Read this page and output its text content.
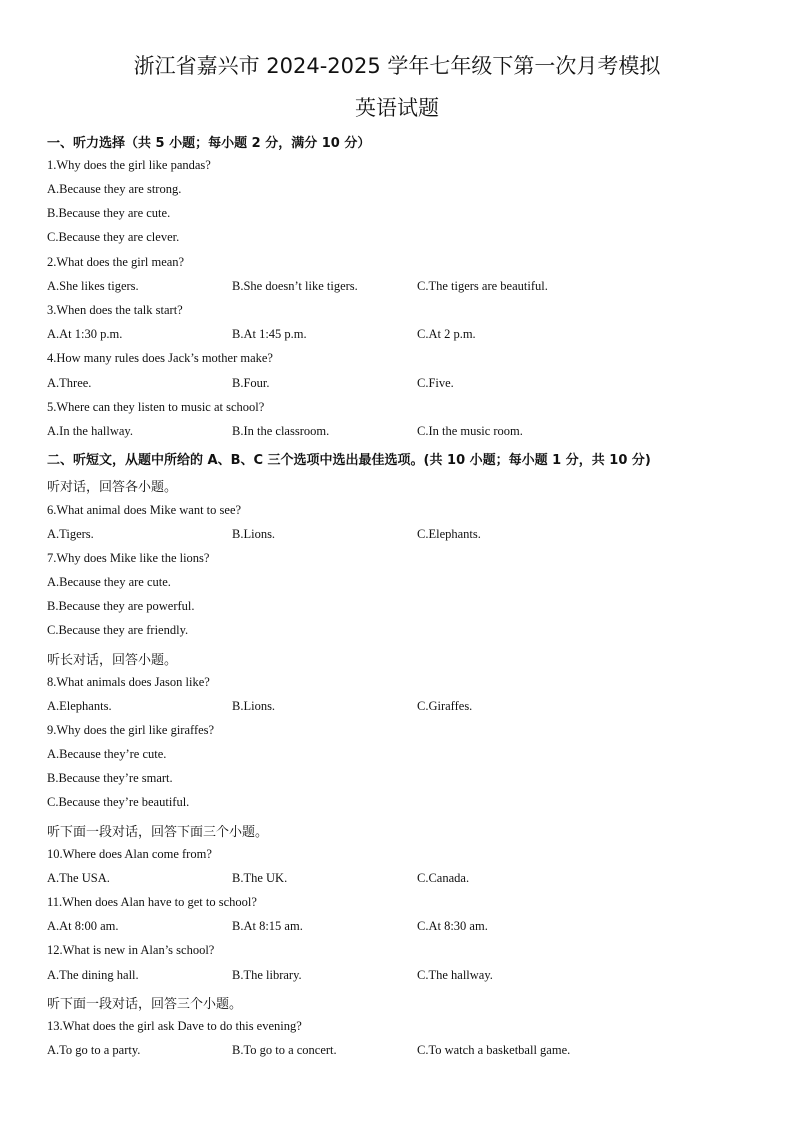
浙江省嘉兴市 2024-2025 学年七年级下第一次月考模拟
英语试题
一、听力选择（共 5 小题；每小题 2 分，满分 10 分）
1.Why does the girl like pandas?
A.Because they are strong.
B.Because they are cute.
C.Because they are clever.
2.What does the girl mean?
A.She likes tigers.	B.She doesn’t like tigers.	C.The tigers are beautiful.
3.When does the talk start?
A.At 1:30 p.m.	B.At 1:45 p.m.	C.At 2 p.m.
4.How many rules does Jack’s mother make?
A.Three.	B.Four.	C.Five.
5.Where can they listen to music at school?
A.In the hallway.	B.In the classroom.	C.In the music room.
二、听短文，从题中所给的 A、B、C 三个选项中选出最佳选项。(共 10 小题；每小题 1 分，共 10 分)
听对话，回答各小题。
6.What animal does Mike want to see?
A.Tigers.	B.Lions.	C.Elephants.
7.Why does Mike like the lions?
A.Because they are cute.
B.Because they are powerful.
C.Because they are friendly.
听长对话，回答小题。
8.What animals does Jason like?
A.Elephants.	B.Lions.	C.Giraffes.
9.Why does the girl like giraffes?
A.Because they’re cute.
B.Because they’re smart.
C.Because they’re beautiful.
听下面一段对话，回答下面三个小题。
10.Where does Alan come from?
A.The USA.	B.The UK.	C.Canada.
11.When does Alan have to get to school?
A.At 8:00 am.	B.At 8:15 am.	C.At 8:30 am.
12.What is new in Alan’s school?
A.The dining hall.	B.The library.	C.The hallway.
听下面一段对话，回答三个小题。
13.What does the girl ask Dave to do this evening?
A.To go to a party.	B.To go to a concert.	C.To watch a basketball game.
